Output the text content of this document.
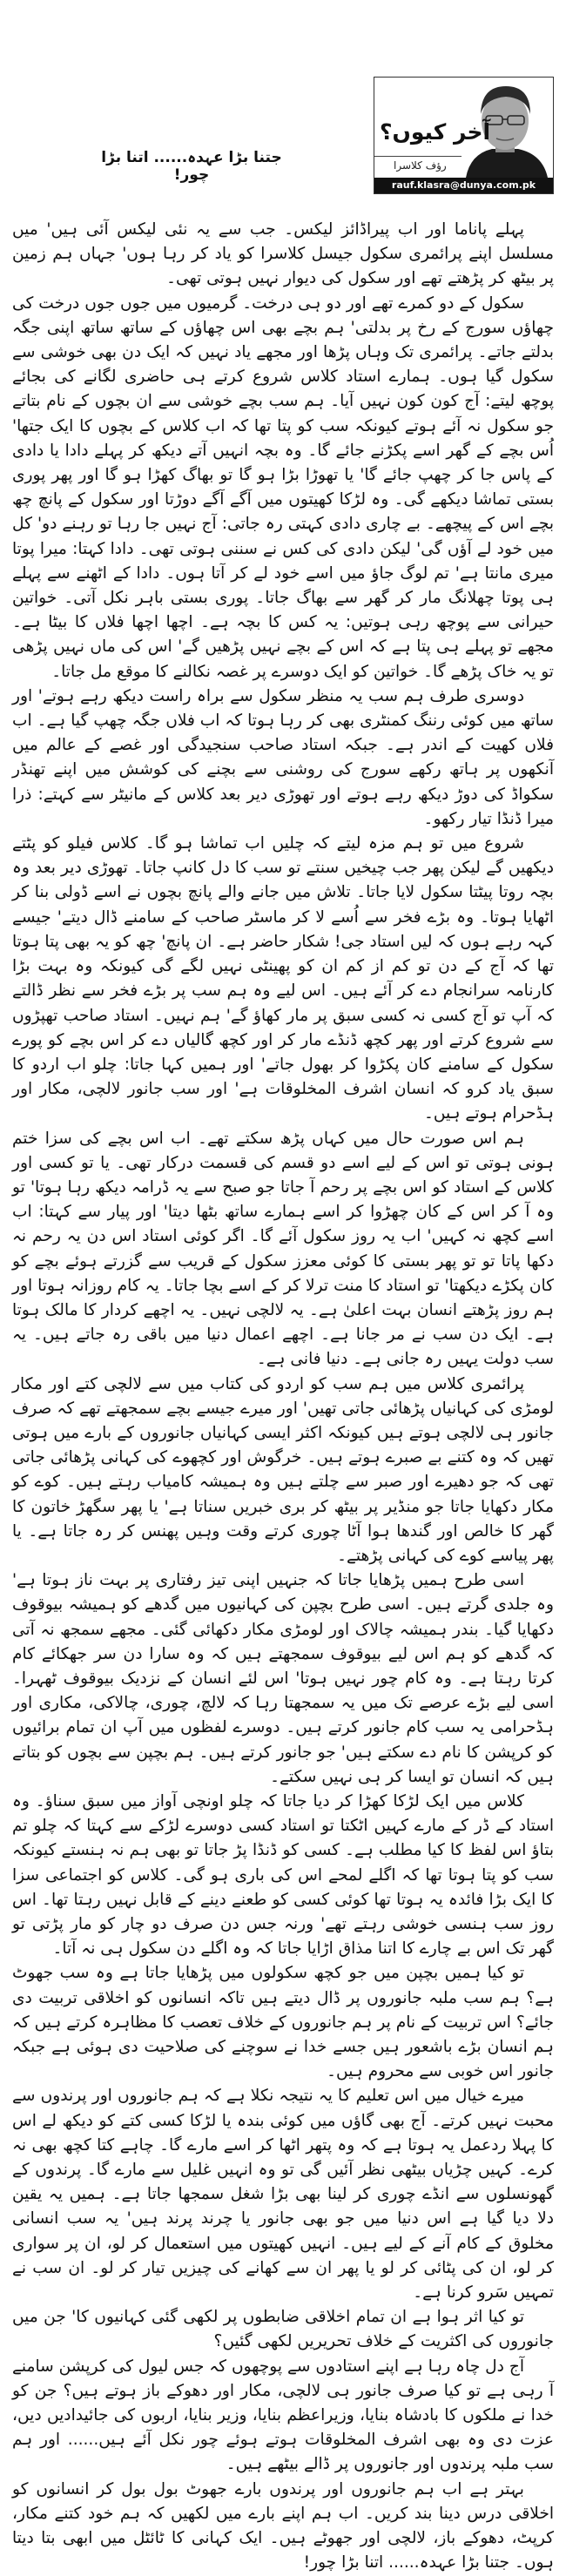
آخر کیوں؟
رؤف کلاسرا
rauf.klasra@dunya.com.pk
جتنا بڑا عہدہ...... اتنا بڑا چور!

پہلے پاناما اور اب پیراڈائز لیکس۔ جب سے یہ نئی لیکس آئی ہیں' میں مسلسل اپنے پرائمری سکول جیسل کلاسرا کو یاد کر رہا ہوں' جہاں ہم زمین پر بیٹھ کر پڑھتے تھے اور سکول کی دیوار نہیں ہوتی تھی۔

سکول کے دو کمرے تھے اور دو ہی درخت۔ گرمیوں میں جوں جوں درخت کی چھاؤں سورج کے رخ پر بدلتی' ہم بچے بھی اس چھاؤں کے ساتھ ساتھ اپنی جگہ بدلتے جاتے۔ پرائمری تک وہاں پڑھا اور مجھے یاد نہیں کہ ایک دن بھی خوشی سے سکول گیا ہوں۔ ہمارے استاد کلاس شروع کرتے ہی حاضری لگانے کی بجائے پوچھ لیتے: آج کون کون نہیں آیا۔ ہم سب بچے خوشی سے ان بچوں کے نام بتاتے جو سکول نہ آئے ہوتے کیونکہ سب کو پتا تھا کہ اب کلاس کے بچوں کا ایک جتھا' اُس بچے کے گھر اسے پکڑنے جائے گا۔ وہ بچہ انہیں آتے دیکھ کر پہلے دادا یا دادی کے پاس جا کر چھپ جائے گا' یا تھوڑا بڑا ہو گا تو بھاگ کھڑا ہو گا اور پھر پوری بستی تماشا دیکھے گی۔ وہ لڑکا کھیتوں میں آگے آگے دوڑتا اور سکول کے پانچ چھ بچے اس کے پیچھے۔ بے چاری دادی کہتی رہ جاتی: آج نہیں جا رہا تو رہنے دو' کل میں خود لے آؤں گی' لیکن دادی کی کس نے سننی ہوتی تھی۔ دادا کہتا: میرا پوتا میری مانتا ہے' تم لوگ جاؤ میں اسے خود لے کر آتا ہوں۔ دادا کے اٹھنے سے پہلے ہی پوتا چھلانگ مار کر گھر سے بھاگ جاتا۔ پوری بستی باہر نکل آتی۔ خواتین حیرانی سے پوچھ رہی ہوتیں: یہ کس کا بچہ ہے۔ اچھا اچھا فلاں کا بیٹا ہے۔ مجھے تو پہلے ہی پتا ہے کہ اس کے بچے نہیں پڑھیں گے' اس کی ماں نہیں پڑھی تو یہ خاک پڑھے گا۔ خواتین کو ایک دوسرے پر غصہ نکالنے کا موقع مل جاتا۔

دوسری طرف ہم سب یہ منظر سکول سے براہ راست دیکھ رہے ہوتے' اور ساتھ میں کوئی رننگ کمنٹری بھی کر رہا ہوتا کہ اب فلاں جگہ چھپ گیا ہے۔ اب فلاں کھیت کے اندر ہے۔ جبکہ استاد صاحب سنجیدگی اور غصے کے عالم میں آنکھوں پر ہاتھ رکھے سورج کی روشنی سے بچنے کی کوشش میں اپنے تھنڈر سکواڈ کی دوڑ دیکھ رہے ہوتے اور تھوڑی دیر بعد کلاس کے مانیٹر سے کہتے: ذرا میرا ڈنڈا تیار رکھو۔

شروع میں تو ہم مزہ لیتے کہ چلیں اب تماشا ہو گا۔ کلاس فیلو کو پٹتے دیکھیں گے لیکن پھر جب چیخیں سنتے تو سب کا دل کانپ جاتا۔ تھوڑی دیر بعد وہ بچہ روتا پیٹتا سکول لایا جاتا۔ تلاش میں جانے والے پانچ بچوں نے اسے ڈولی بنا کر اٹھایا ہوتا۔ وہ بڑے فخر سے اُسے لا کر ماسٹر صاحب کے سامنے ڈال دیتے' جیسے کہہ رہے ہوں کہ لیں استاد جی! شکار حاضر ہے۔ ان پانچ' چھ کو یہ بھی پتا ہوتا تھا کہ آج کے دن تو کم از کم ان کو پھینٹی نہیں لگے گی کیونکہ وہ بہت بڑا کارنامہ سرانجام دے کر آئے ہیں۔ اس لیے وہ ہم سب پر بڑے فخر سے نظر ڈالتے کہ آپ تو آج کسی نہ کسی سبق پر مار کھاؤ گے' ہم نہیں۔ استاد صاحب تھپڑوں سے شروع کرتے اور پھر کچھ ڈنڈے مار کر اور کچھ گالیاں دے کر اس بچے کو پورے سکول کے سامنے کان پکڑوا کر بھول جاتے' اور ہمیں کہا جاتا: چلو اب اردو کا سبق یاد کرو کہ انسان اشرف المخلوقات ہے' اور سب جانور لالچی، مکار اور ہڈحرام ہوتے ہیں۔

ہم اس صورت حال میں کہاں پڑھ سکتے تھے۔ اب اس بچے کی سزا ختم ہونی ہوتی تو اس کے لیے اسے دو قسم کی قسمت درکار تھی۔ یا تو کسی اور کلاس کے استاد کو اس بچے پر رحم آ جاتا جو صبح سے یہ ڈرامہ دیکھ رہا ہوتا' تو وہ آ کر اس کے کان چھڑوا کر اسے ہمارے ساتھ بٹھا دیتا' اور پیار سے کہتا: اب اسے کچھ نہ کہیں' اب یہ روز سکول آئے گا۔ اگر کوئی استاد اس دن یہ رحم نہ دکھا پاتا تو تو پھر بستی کا کوئی معزز سکول کے قریب سے گزرتے ہوئے بچے کو کان پکڑے دیکھتا' تو استاد کا منت ترلا کر کے اسے بچا جاتا۔ یہ کام روزانہ ہوتا اور ہم روز پڑھتے انسان بہت اعلیٰ ہے۔ یہ لالچی نہیں۔ یہ اچھے کردار کا مالک ہوتا ہے۔ ایک دن سب نے مر جانا ہے۔ اچھے اعمال دنیا میں باقی رہ جاتے ہیں۔ یہ سب دولت یہیں رہ جانی ہے۔ دنیا فانی ہے۔

پرائمری کلاس میں ہم سب کو اردو کی کتاب میں سے لالچی کتے اور مکار لومڑی کی کہانیاں پڑھائی جاتی تھیں' اور میرے جیسے بچے سمجھتے تھے کہ صرف جانور ہی لالچی ہوتے ہیں کیونکہ اکثر ایسی کہانیاں جانوروں کے بارے میں ہوتی تھیں کہ وہ کتنے بے صبرے ہوتے ہیں۔ خرگوش اور کچھوے کی کہانی پڑھائی جاتی تھی کہ جو دھیرے اور صبر سے چلتے ہیں وہ ہمیشہ کامیاب رہتے ہیں۔ کوے کو مکار دکھایا جاتا جو منڈیر پر بیٹھ کر بری خبریں سناتا ہے' یا پھر سگھڑ خاتون کا گھر کا خالص اور گندھا ہوا آٹا چوری کرتے وقت وہیں پھنس کر رہ جاتا ہے۔ یا پھر پیاسے کوے کی کہانی پڑھتے۔

اسی طرح ہمیں پڑھایا جاتا کہ جنہیں اپنی تیز رفتاری پر بہت ناز ہوتا ہے' وہ جلدی گرتے ہیں۔ اسی طرح بچپن کی کہانیوں میں گدھے کو ہمیشہ بیوقوف دکھایا گیا۔ بندر ہمیشہ چالاک اور لومڑی مکار دکھائی گئی۔ مجھے سمجھ نہ آتی کہ گدھے کو ہم اس لیے بیوقوف سمجھتے ہیں کہ وہ سارا دن سر جھکائے کام کرتا رہتا ہے۔ وہ کام چور نہیں ہوتا' اس لئے انسان کے نزدیک بیوقوف ٹھہرا۔ اسی لیے بڑے عرصے تک میں یہ سمجھتا رہا کہ لالچ، چوری، چالاکی، مکاری اور ہڈحرامی یہ سب کام جانور کرتے ہیں۔ دوسرے لفظوں میں آپ ان تمام برائیوں کو کرپشن کا نام دے سکتے ہیں' جو جانور کرتے ہیں۔ ہم بچپن سے بچوں کو بتاتے ہیں کہ انسان تو ایسا کر ہی نہیں سکتے۔

کلاس میں ایک لڑکا کھڑا کر دیا جاتا کہ چلو اونچی آواز میں سبق سناؤ۔ وہ استاد کے ڈر کے مارے کہیں اٹکتا تو استاد کسی دوسرے لڑکے سے کہتا کہ چلو تم بتاؤ اس لفظ کا کیا مطلب ہے۔ کسی کو ڈنڈا پڑ جاتا تو بھی ہم نہ ہنستے کیونکہ سب کو پتا ہوتا تھا کہ اگلے لمحے اس کی باری ہو گی۔ کلاس کو اجتماعی سزا کا ایک بڑا فائدہ یہ ہوتا تھا کوئی کسی کو طعنے دینے کے قابل نہیں رہتا تھا۔ اس روز سب ہنسی خوشی رہتے تھے' ورنہ جس دن صرف دو چار کو مار پڑتی تو گھر تک اس بے چارے کا اتنا مذاق اڑایا جاتا کہ وہ اگلے دن سکول ہی نہ آتا۔

تو کیا ہمیں بچپن میں جو کچھ سکولوں میں پڑھایا جاتا ہے وہ سب جھوٹ ہے؟ ہم سب ملبہ جانوروں پر ڈال دیتے ہیں تاکہ انسانوں کو اخلاقی تربیت دی جائے؟ اس تربیت کے نام پر ہم جانوروں کے خلاف تعصب کا مظاہرہ کرتے ہیں کہ ہم انسان بڑے باشعور ہیں جسے خدا نے سوچنے کی صلاحیت دی ہوئی ہے جبکہ جانور اس خوبی سے محروم ہیں۔

میرے خیال میں اس تعلیم کا یہ نتیجہ نکلا ہے کہ ہم جانوروں اور پرندوں سے محبت نہیں کرتے۔ آج بھی گاؤں میں کوئی بندہ یا لڑکا کسی کتے کو دیکھ لے اس کا پہلا ردعمل یہ ہوتا ہے کہ وہ پتھر اٹھا کر اسے مارے گا۔ چاہے کتا کچھ بھی نہ کرے۔ کہیں چڑیاں بیٹھی نظر آئیں گی تو وہ انہیں غلیل سے مارے گا۔ پرندوں کے گھونسلوں سے انڈے چوری کر لینا بھی بڑا شغل سمجھا جاتا ہے۔ ہمیں یہ یقین دلا دیا گیا ہے اس دنیا میں جو بھی جانور یا چرند پرند ہیں' یہ سب انسانی مخلوق کے کام آنے کے لیے ہیں۔ انہیں کھیتوں میں استعمال کر لو، ان پر سواری کر لو، ان کی پٹائی کر لو یا پھر ان سے کھانے کی چیزیں تیار کر لو۔ ان سب نے تمہیں سَرو کرنا ہے۔

تو کیا اثر ہوا ہے ان تمام اخلاقی ضابطوں پر لکھی گئی کہانیوں کا' جن میں جانوروں کی اکثریت کے خلاف تحریریں لکھی گئیں؟

آج دل چاہ رہا ہے اپنے استادوں سے پوچھوں کہ جس لیول کی کرپشن سامنے آ رہی ہے تو کیا صرف جانور ہی لالچی، مکار اور دھوکے باز ہوتے ہیں؟ جن کو خدا نے ملکوں کا بادشاہ بنایا، وزیراعظم بنایا، وزیر بنایا، اربوں کی جائیدادیں دیں، عزت دی وہ بھی اشرف المخلوقات ہوتے ہوئے چور نکل آئے ہیں...... اور ہم سب ملبہ پرندوں اور جانوروں پر ڈالے بیٹھے ہیں۔

بہتر ہے اب ہم جانوروں اور پرندوں بارے جھوٹ بول بول کر انسانوں کو اخلاقی درس دینا بند کریں۔ اب ہم اپنے بارے میں لکھیں کہ ہم خود کتنے مکار، کرپٹ، دھوکے باز، لالچی اور جھوٹے ہیں۔ ایک کہانی کا ٹائٹل میں ابھی بتا دیتا ہوں۔ جتنا بڑا عہدہ...... اتنا بڑا چور!
